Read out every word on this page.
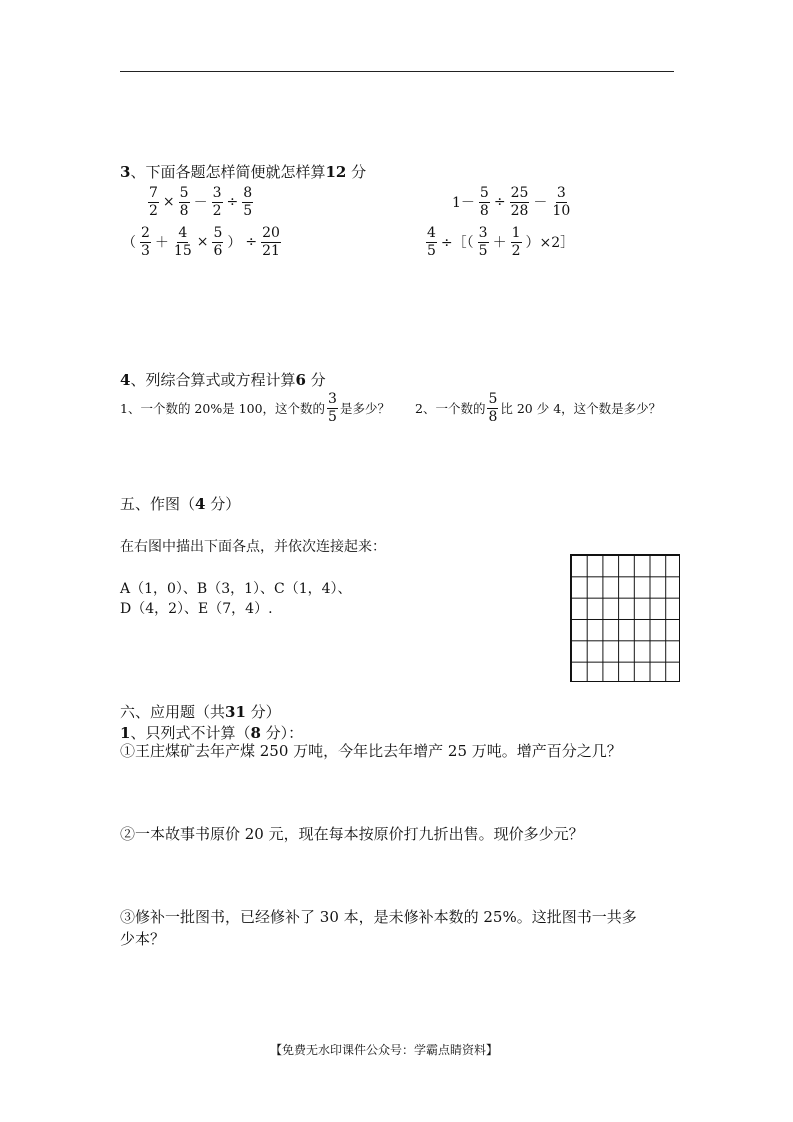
3、下面各题怎样简便就怎样算12 分
$\frac{7}{2} \times \frac{5}{8} - \frac{3}{2} \div \frac{8}{5}$	$1- \frac{5}{8} \div \frac{25}{28} - \frac{3}{10}$
（ $\frac{2}{3} + \frac{4}{15} \times \frac{5}{6}$ ） ÷ $\frac{20}{21}$	$\frac{4}{5}$ ÷［（ $\frac{3}{5} + \frac{1}{2}$ ）×2］
4、列综合算式或方程计算6 分
1、一个数的 20%是 100，这个数的 $\frac{3}{5}$ 是多少？ 2、一个数的 $\frac{5}{8}$ 比 20 少 4，这个数是多少？
五、作图（4 分）
在右图中描出下面各点，并依次连接起来：
A（1，0）、B（3，1）、C（1，4）、
D（4，2）、E（7，4）.
六、应用题（共31 分）
1、只列式不计算（8 分）：
①王庄煤矿去年产煤 250 万吨，今年比去年增产 25 万吨。增产百分之几？
②一本故事书原价 20 元，现在每本按原价打九折出售。现价多少元？
③修补一批图书，已经修补了 30 本，是未修补本数的 25%。这批图书一共多
少本？
【免费无水印课件公众号：学霸点睛资料】
